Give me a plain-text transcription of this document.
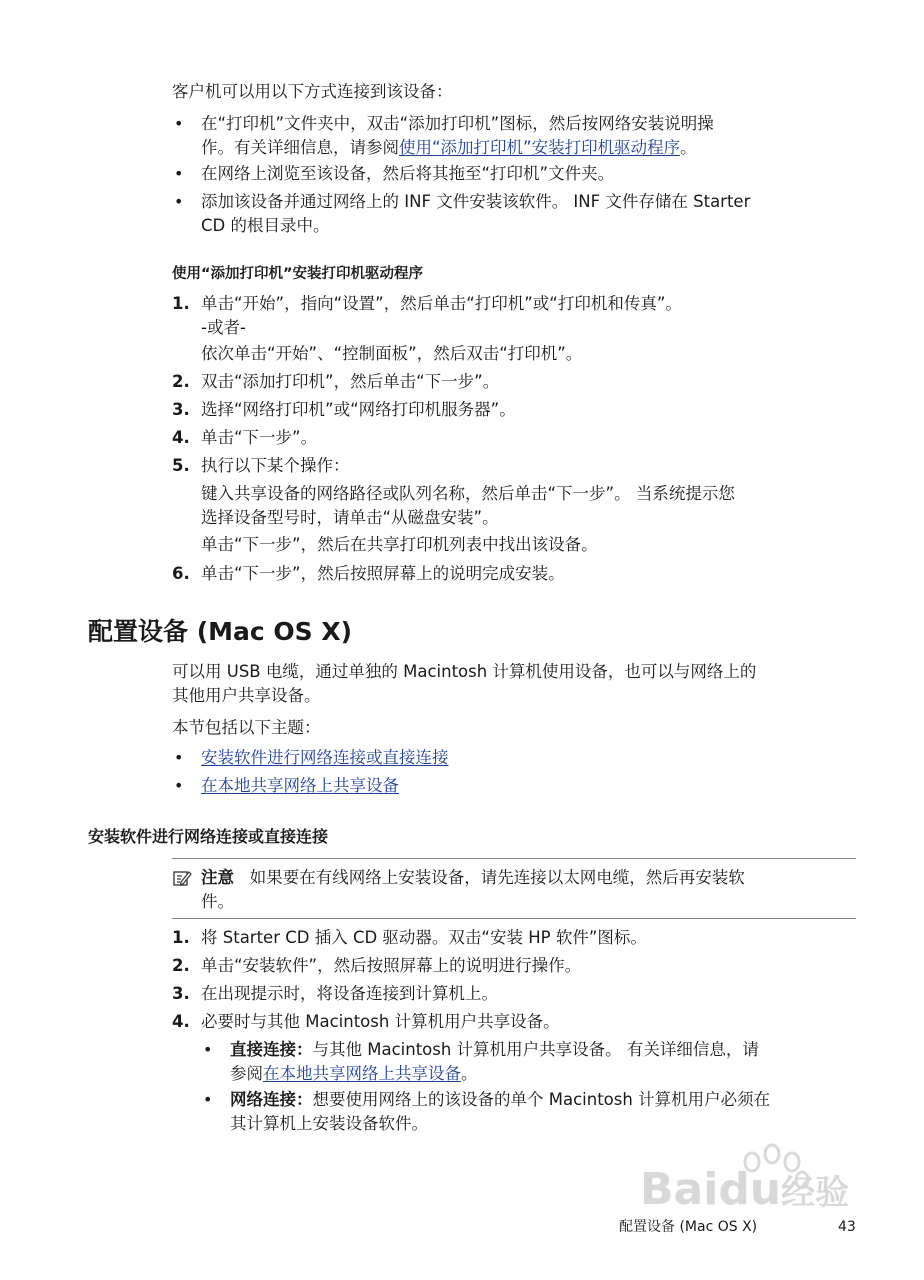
客户机可以用以下方式连接到该设备：
• 在“打印机”文件夹中，双击“添加打印机”图标，然后按网络安装说明操
作。有关详细信息，请参阅使用“添加打印机”安装打印机驱动程序。
• 在网络上浏览至该设备，然后将其拖至“打印机”文件夹。
• 添加该设备并通过网络上的 INF 文件安装该软件。 INF 文件存储在 Starter
CD 的根目录中。
使用“添加打印机”安装打印机驱动程序
1. 单击“开始”，指向“设置”，然后单击“打印机”或“打印机和传真”。
-或者-
依次单击“开始”、“控制面板”，然后双击“打印机”。
2. 双击“添加打印机”，然后单击“下一步”。
3. 选择“网络打印机”或“网络打印机服务器”。
4. 单击“下一步”。
5. 执行以下某个操作：
键入共享设备的网络路径或队列名称，然后单击“下一步”。 当系统提示您
选择设备型号时，请单击“从磁盘安装”。
单击“下一步”，然后在共享打印机列表中找出该设备。
6. 单击“下一步”，然后按照屏幕上的说明完成安装。
配置设备 (Mac OS X)
可以用 USB 电缆，通过单独的 Macintosh 计算机使用设备，也可以与网络上的
其他用户共享设备。
本节包括以下主题：
• 安装软件进行网络连接或直接连接
• 在本地共享网络上共享设备
安装软件进行网络连接或直接连接
注意 如果要在有线网络上安装设备，请先连接以太网电缆，然后再安装软
件。
1. 将 Starter CD 插入 CD 驱动器。双击“安装 HP 软件”图标。
2. 单击“安装软件”，然后按照屏幕上的说明进行操作。
3. 在出现提示时，将设备连接到计算机上。
4. 必要时与其他 Macintosh 计算机用户共享设备。
• 直接连接：与其他 Macintosh 计算机用户共享设备。 有关详细信息，请
参阅在本地共享网络上共享设备。
• 网络连接：想要使用网络上的该设备的单个 Macintosh 计算机用户必须在
其计算机上安装设备软件。
Baidu经验
配置设备 (Mac OS X)	43
